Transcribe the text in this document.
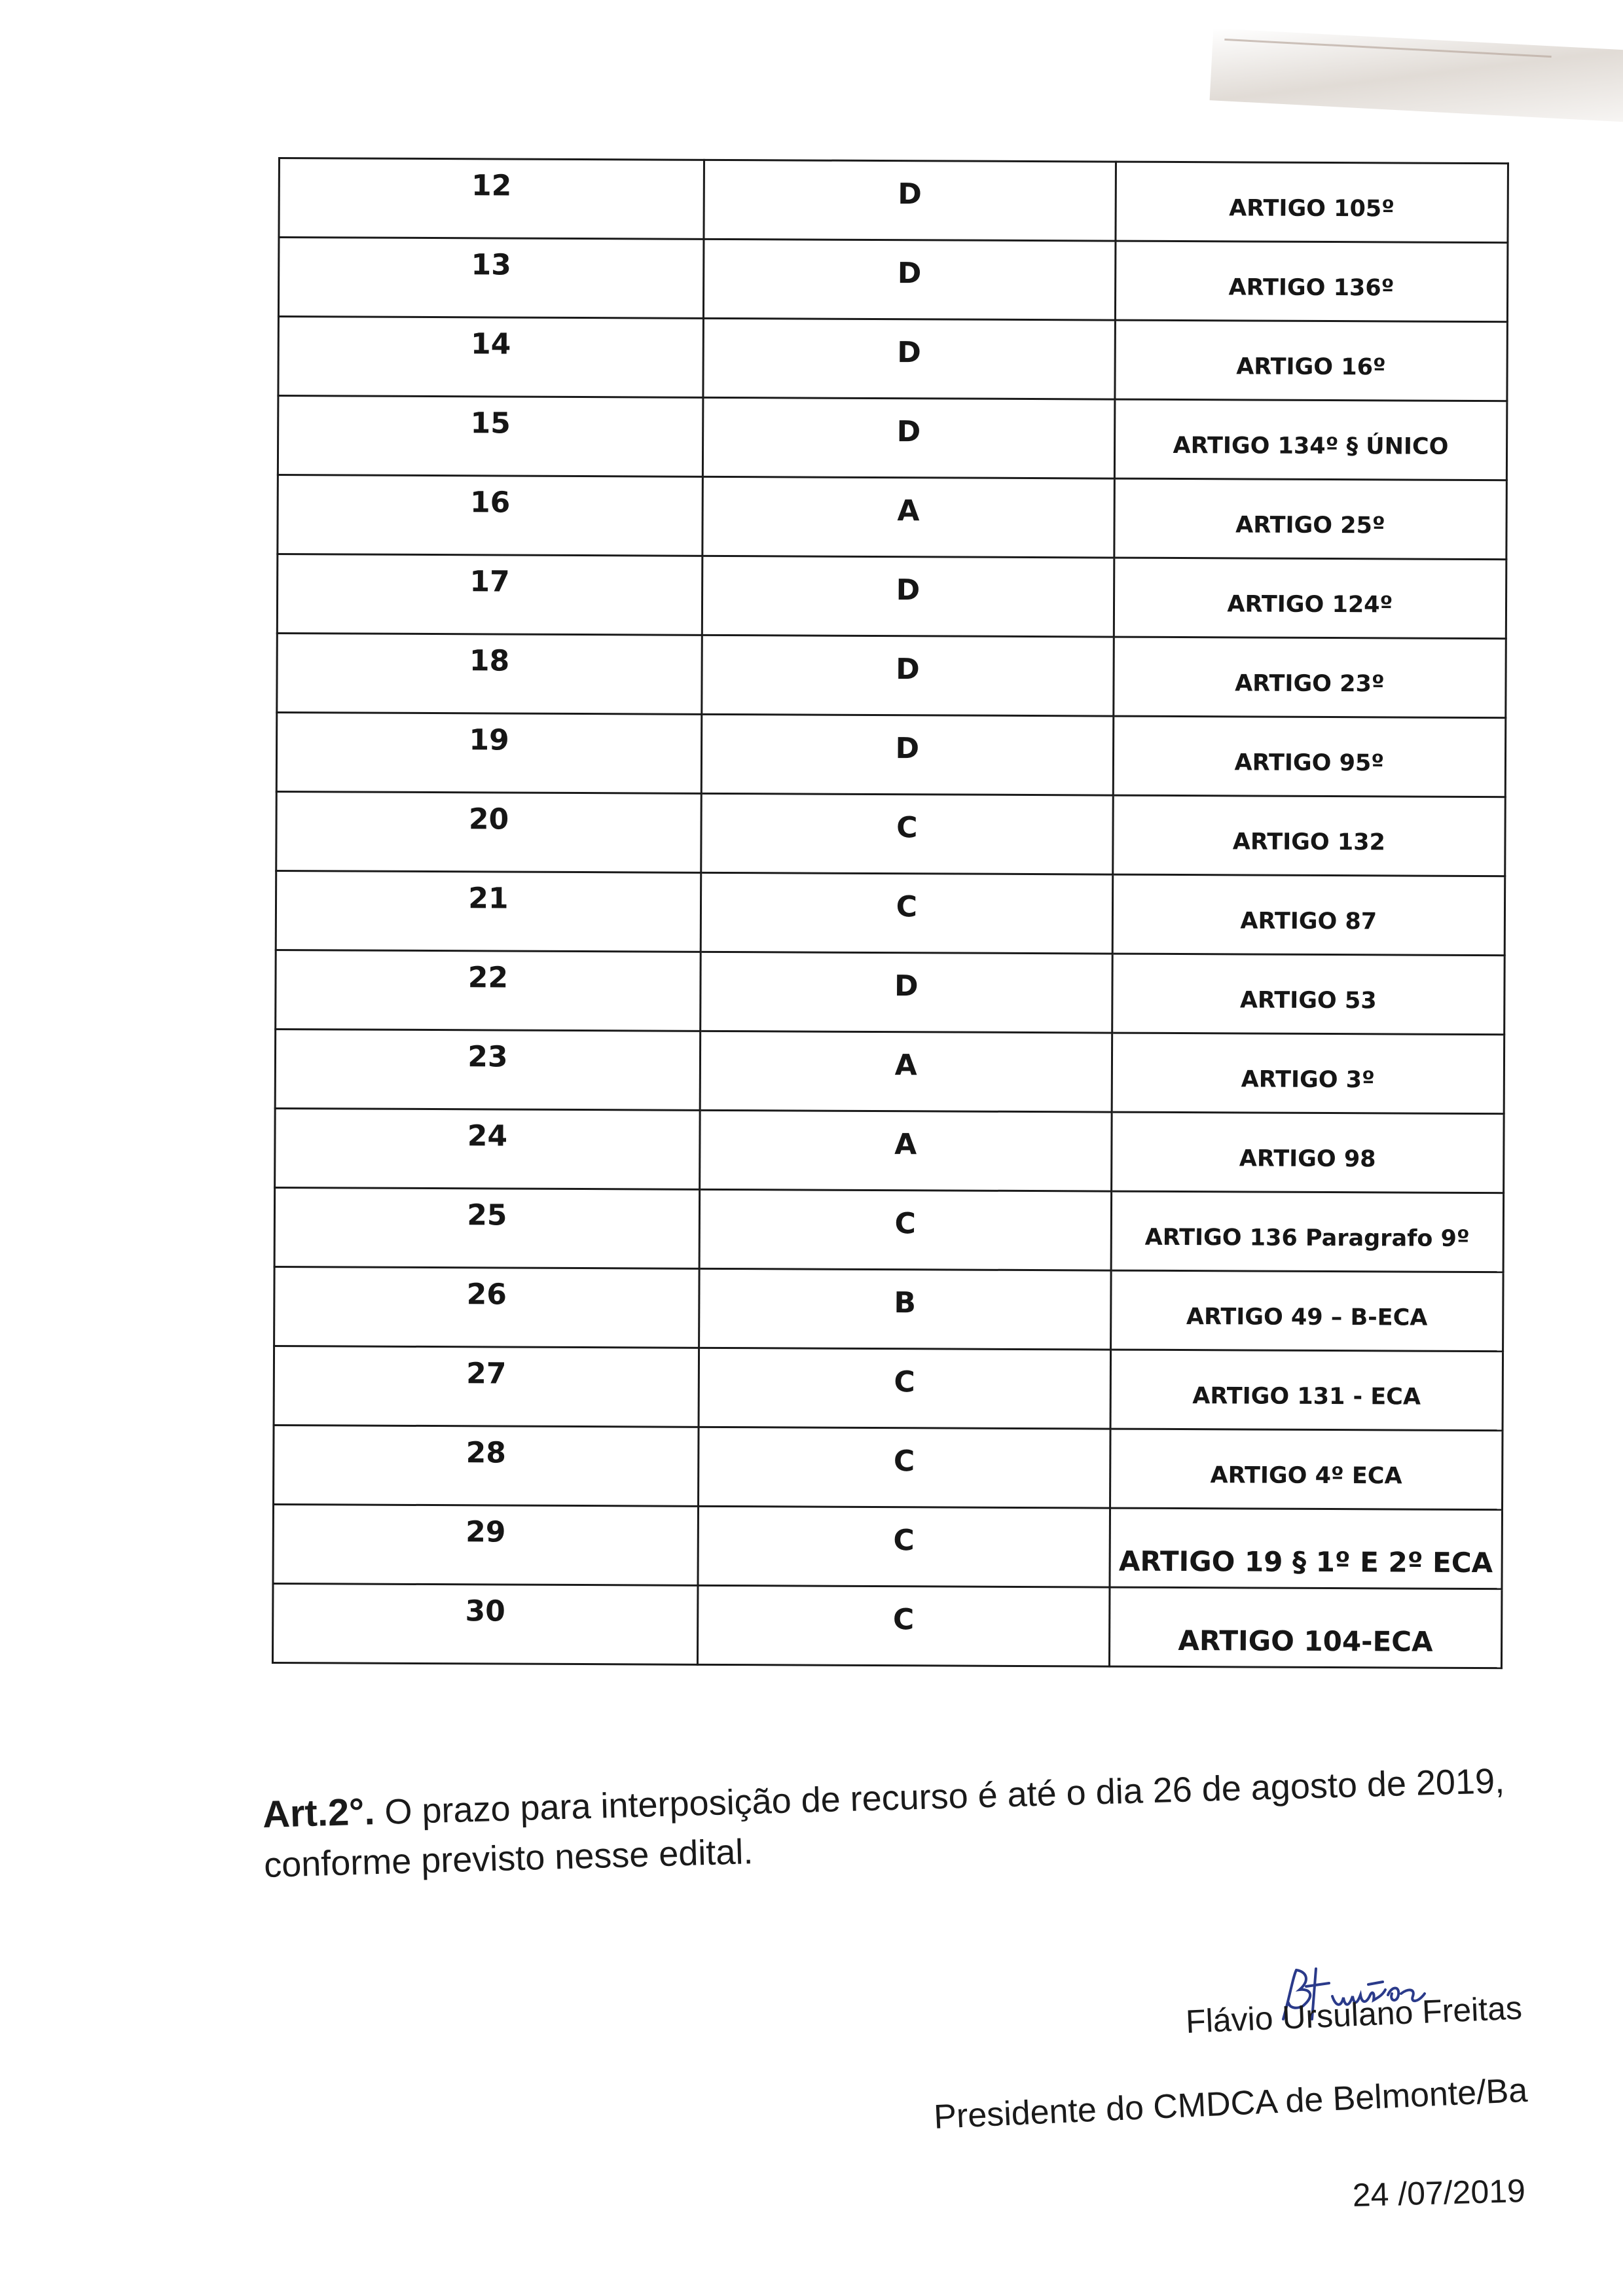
12	D	ARTIGO 105º

13	D	ARTIGO 136º

14	D	ARTIGO 16º

15	D	ARTIGO 134º § ÚNICO

16	A	ARTIGO 25º

17	D	ARTIGO 124º

18	D	ARTIGO 23º

19	D	ARTIGO 95º

20	C	ARTIGO 132

21	C	ARTIGO 87

22	D	ARTIGO 53

23	A	ARTIGO 3º

24	A	ARTIGO 98

25	C	ARTIGO 136 Paragrafo 9º

26	B	ARTIGO 49 – B-ECA

27	C	ARTIGO 131 - ECA

28	C	ARTIGO 4º ECA

29	C	ARTIGO 19 § 1º E 2º ECA

30	C	ARTIGO 104-ECA
Art.2°. O prazo para interposição de recurso é até o dia 26 de agosto de 2019,
conforme previsto nesse edital.
Flávio Ursulano Freitas
Presidente do CMDCA de Belmonte/Ba
24 /07/2019
